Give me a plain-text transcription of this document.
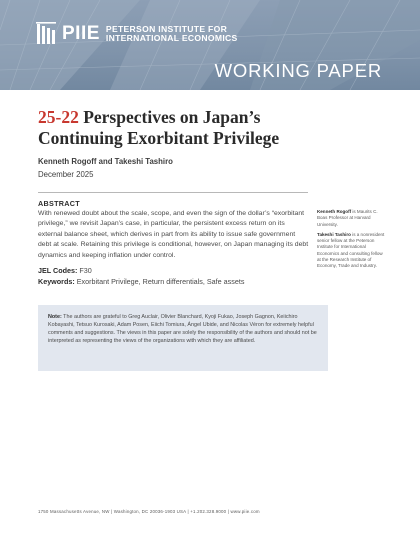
PIIE PETERSON INSTITUTE FOR
INTERNATIONAL ECONOMICS
WORKING PAPER
25-22 Perspectives on Japan’s
Continuing Exorbitant Privilege
Kenneth Rogoff and Takeshi Tashiro
December 2025
ABSTRACT
With renewed doubt about the scale, scope, and even the sign of the dollar’s “exorbitant privilege,” we revisit Japan’s case, in particular, the persistent excess return on its external balance sheet, which derives in part from its ability to issue safe government debt at scale. Retaining this privilege is conditional, however, on Japan managing its debt dynamics and keeping inflation under control.
JEL Codes: F30
Keywords: Exorbitant Privilege, Return differentials, Safe assets

Kenneth Rogoff is Maurits C. Boas Professor at Harvard University.

Takeshi Tashiro is a nonresident senior fellow at the Peterson Institute for International Economics and consulting fellow at the Research Institute of Economy, Trade and Industry.

Note: The authors are grateful to Greg Auclair, Olivier Blanchard, Kyoji Fukao, Joseph Gagnon, Keiichiro Kobayashi, Tetsuo Kurosaki, Adam Posen, Eiichi Tomiura, Ángel Ubide, and Nicolas Véron for extremely helpful comments and suggestions. The views in this paper are solely the responsibility of the authors and should not be interpreted as representing the views of the organizations with which they are affiliated.
1750 Massachusetts Avenue, NW | Washington, DC 20036-1903 USA | +1.202.328.9000 | www.piie.com
